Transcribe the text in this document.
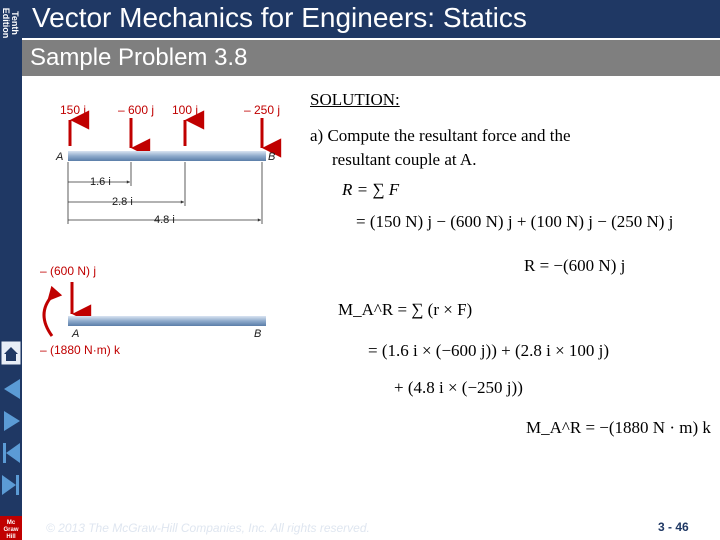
Tenth Edition Vector Mechanics for Engineers: Statics
Sample Problem 3.8
Mc
Graw
Hill
150 j	– 600 j 100 j	– 250 j
A	B
1.6 i
2.8 i
4.8 i
– (600 N) j
A	B
– (1880 N·m) k
SOLUTION:
a) Compute the resultant force and the
resultant couple at A.
R = ∑ F
= (150 N) j − (600 N) j + (100 N) j − (250 N) j
R = −(600 N) j
M_A^R = ∑ (r × F)
= (1.6 i × (−600 j)) + (2.8 i × 100 j)
+ (4.8 i × (−250 j))
M_A^R = −(1880 N · m) k
© 2013 The McGraw-Hill Companies, Inc. All rights reserved.	3 - 46
